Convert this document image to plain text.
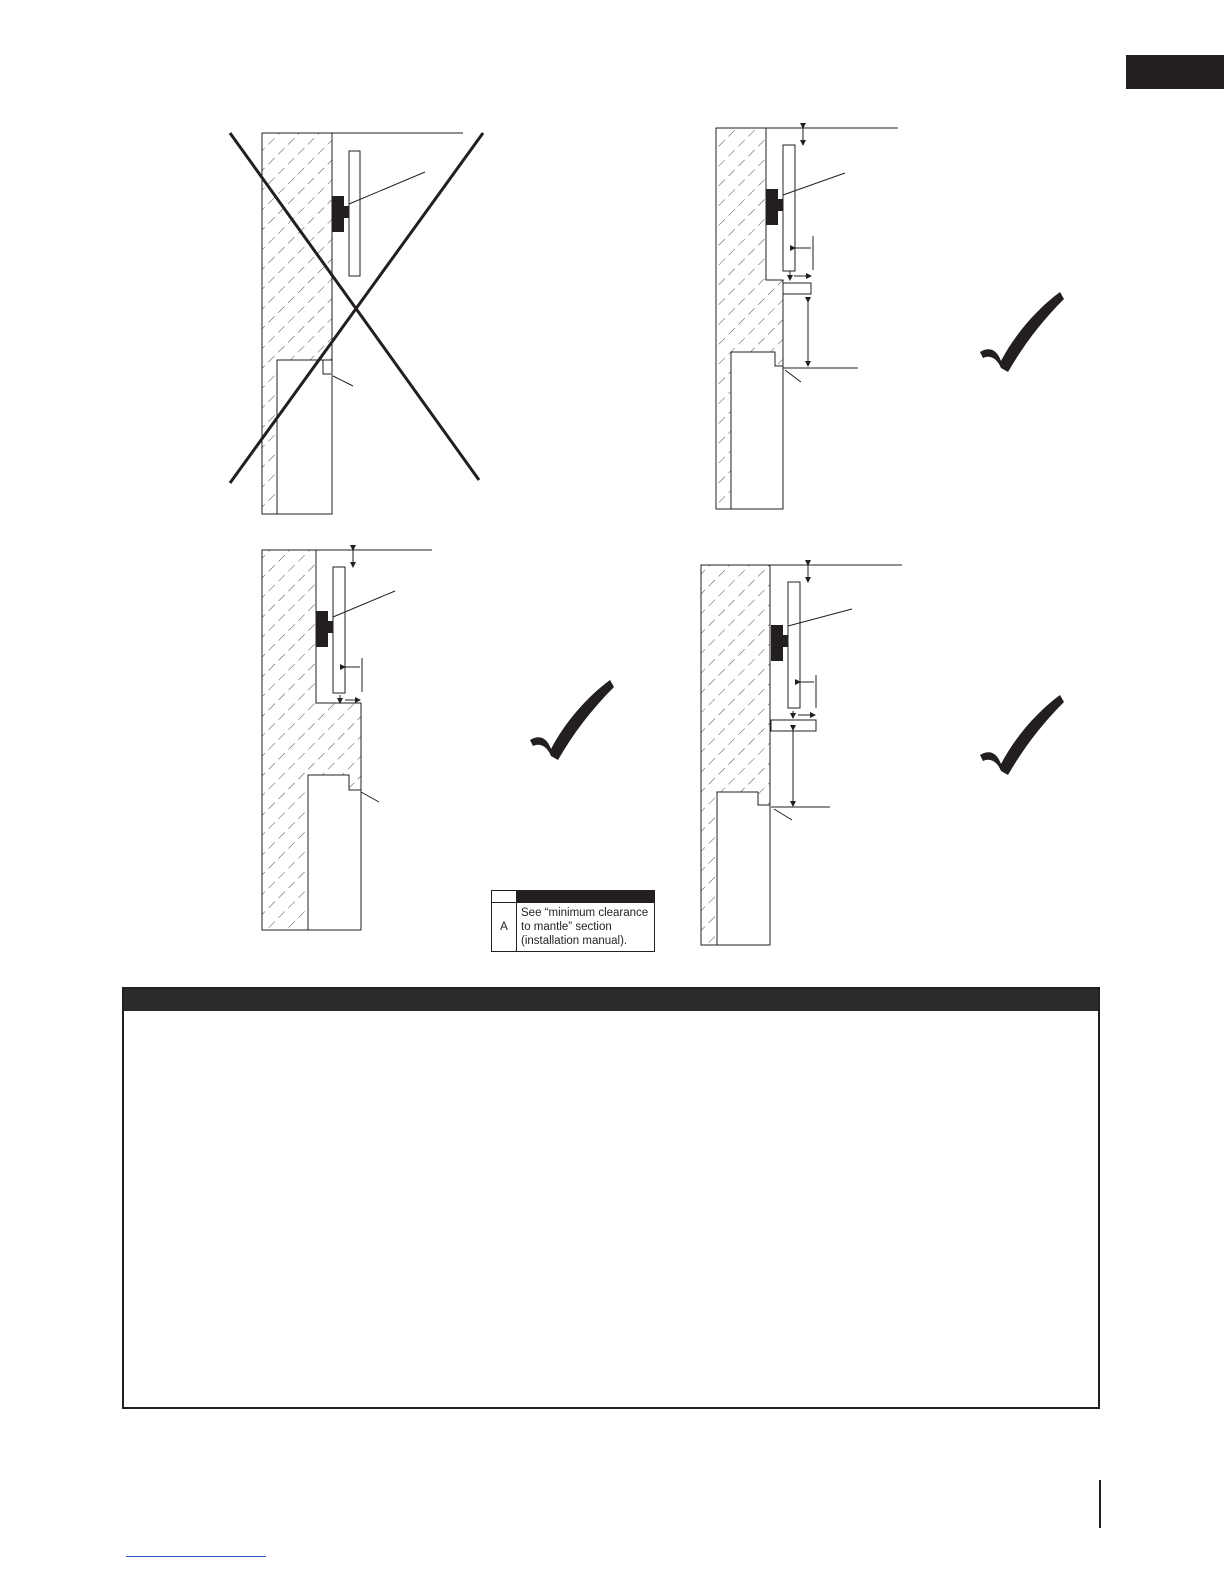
A	See “minimum clearance to mantle” section (installation manual).
